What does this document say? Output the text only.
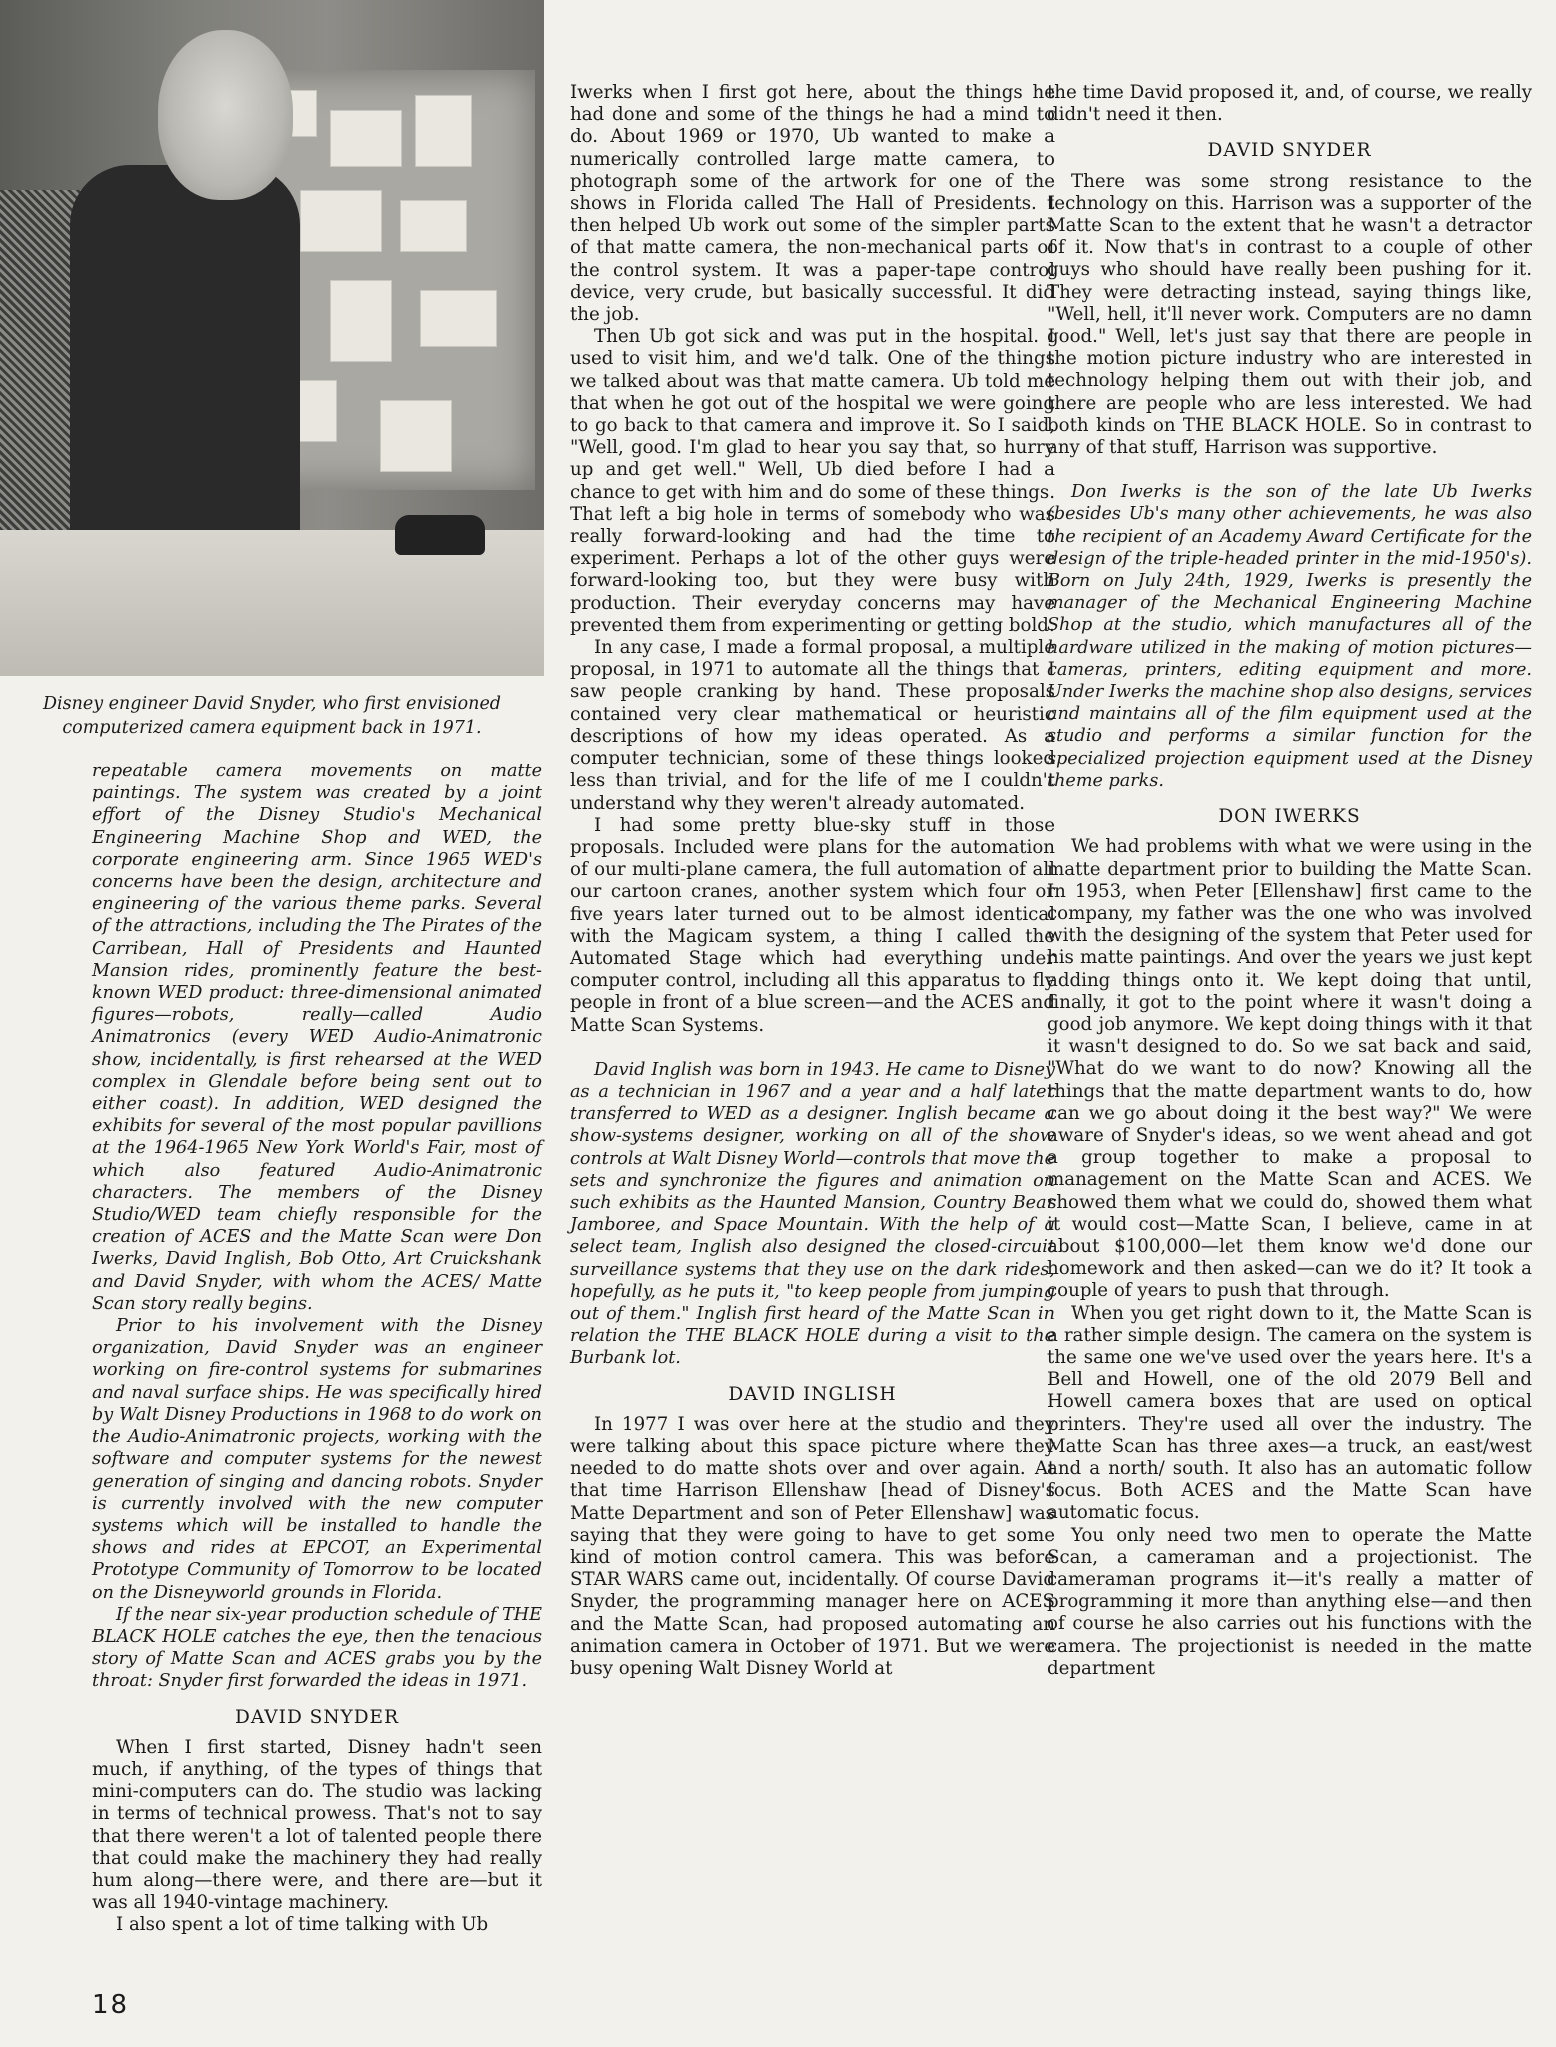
Disney engineer David Snyder, who first envisioned computerized camera equipment back in 1971.

repeatable camera movements on matte paintings. The system was created by a joint effort of the Disney Studio's Mechanical Engineering Machine Shop and WED, the corporate engineering arm. Since 1965 WED's concerns have been the design, architecture and engineering of the various theme parks. Several of the attractions, including the The Pirates of the Carribean, Hall of Presidents and Haunted Mansion rides, prominently feature the best-known WED product: three-dimensional animated figures—robots, really—called Audio Animatronics (every WED Audio-Animatronic show, incidentally, is first rehearsed at the WED complex in Glendale before being sent out to either coast). In addition, WED designed the exhibits for several of the most popular pavillions at the 1964-1965 New York World's Fair, most of which also featured Audio-Animatronic characters. The members of the Disney Studio/WED team chiefly responsible for the creation of ACES and the Matte Scan were Don Iwerks, David Inglish, Bob Otto, Art Cruickshank and David Snyder, with whom the ACES/ Matte Scan story really begins.

Prior to his involvement with the Disney organization, David Snyder was an engineer working on fire-control systems for submarines and naval surface ships. He was specifically hired by Walt Disney Productions in 1968 to do work on the Audio-Animatronic projects, working with the software and computer systems for the newest generation of singing and dancing robots. Snyder is currently involved with the new computer systems which will be installed to handle the shows and rides at EPCOT, an Experimental Prototype Community of Tomorrow to be located on the Disneyworld grounds in Florida.

If the near six-year production schedule of THE BLACK HOLE catches the eye, then the tenacious story of Matte Scan and ACES grabs you by the throat: Snyder first forwarded the ideas in 1971.

DAVID SNYDER

When I first started, Disney hadn't seen much, if anything, of the types of things that mini-computers can do. The studio was lacking in terms of technical prowess. That's not to say that there weren't a lot of talented people there that could make the machinery they had really hum along—there were, and there are—but it was all 1940-vintage machinery.

I also spent a lot of time talking with Ub

Iwerks when I first got here, about the things he had done and some of the things he had a mind to do. About 1969 or 1970, Ub wanted to make a numerically controlled large matte camera, to photograph some of the artwork for one of the shows in Florida called The Hall of Presidents. I then helped Ub work out some of the simpler parts of that matte camera, the non-mechanical parts of the control system. It was a paper-tape control device, very crude, but basically successful. It did the job.

Then Ub got sick and was put in the hospital. I used to visit him, and we'd talk. One of the things we talked about was that matte camera. Ub told me that when he got out of the hospital we were going to go back to that camera and improve it. So I said, "Well, good. I'm glad to hear you say that, so hurry up and get well." Well, Ub died before I had a chance to get with him and do some of these things. That left a big hole in terms of somebody who was really forward-looking and had the time to experiment. Perhaps a lot of the other guys were forward-looking too, but they were busy with production. Their everyday concerns may have prevented them from experimenting or getting bold.

In any case, I made a formal proposal, a multiple proposal, in 1971 to automate all the things that I saw people cranking by hand. These proposals contained very clear mathematical or heuristic descriptions of how my ideas operated. As a computer technician, some of these things looked less than trivial, and for the life of me I couldn't understand why they weren't already automated.

I had some pretty blue-sky stuff in those proposals. Included were plans for the automation of our multi-plane camera, the full automation of all our cartoon cranes, another system which four or five years later turned out to be almost identical with the Magicam system, a thing I called the Automated Stage which had everything under computer control, including all this apparatus to fly people in front of a blue screen—and the ACES and Matte Scan Systems.

David Inglish was born in 1943. He came to Disney as a technician in 1967 and a year and a half later transferred to WED as a designer. Inglish became a show-systems designer, working on all of the show controls at Walt Disney World—controls that move the sets and synchronize the figures and animation on such exhibits as the Haunted Mansion, Country Bear Jamboree, and Space Mountain. With the help of a select team, Inglish also designed the closed-circuit surveillance systems that they use on the dark rides, hopefully, as he puts it, "to keep people from jumping out of them." Inglish first heard of the Matte Scan in relation the THE BLACK HOLE during a visit to the Burbank lot.

DAVID INGLISH

In 1977 I was over here at the studio and they were talking about this space picture where they needed to do matte shots over and over again. At that time Harrison Ellenshaw [head of Disney's Matte Department and son of Peter Ellenshaw] was saying that they were going to have to get some kind of motion control camera. This was before STAR WARS came out, incidentally. Of course David Snyder, the programming manager here on ACES and the Matte Scan, had proposed automating an animation camera in October of 1971. But we were busy opening Walt Disney World at

the time David proposed it, and, of course, we really didn't need it then.

DAVID SNYDER

There was some strong resistance to the technology on this. Harrison was a supporter of the Matte Scan to the extent that he wasn't a detractor of it. Now that's in contrast to a couple of other guys who should have really been pushing for it. They were detracting instead, saying things like, "Well, hell, it'll never work. Computers are no damn good." Well, let's just say that there are people in the motion picture industry who are interested in technology helping them out with their job, and there are people who are less interested. We had both kinds on THE BLACK HOLE. So in contrast to any of that stuff, Harrison was supportive.

Don Iwerks is the son of the late Ub Iwerks (besides Ub's many other achievements, he was also the recipient of an Academy Award Certificate for the design of the triple-headed printer in the mid-1950's). Born on July 24th, 1929, Iwerks is presently the manager of the Mechanical Engineering Machine Shop at the studio, which manufactures all of the hardware utilized in the making of motion pictures—cameras, printers, editing equipment and more. Under Iwerks the machine shop also designs, services and maintains all of the film equipment used at the studio and performs a similar function for the specialized projection equipment used at the Disney theme parks.

DON IWERKS

We had problems with what we were using in the matte department prior to building the Matte Scan. In 1953, when Peter [Ellenshaw] first came to the company, my father was the one who was involved with the designing of the system that Peter used for his matte paintings. And over the years we just kept adding things onto it. We kept doing that until, finally, it got to the point where it wasn't doing a good job anymore. We kept doing things with it that it wasn't designed to do. So we sat back and said, "What do we want to do now? Knowing all the things that the matte department wants to do, how can we go about doing it the best way?" We were aware of Snyder's ideas, so we went ahead and got a group together to make a proposal to management on the Matte Scan and ACES. We showed them what we could do, showed them what it would cost—Matte Scan, I believe, came in at about $100,000—let them know we'd done our homework and then asked—can we do it? It took a couple of years to push that through.

When you get right down to it, the Matte Scan is a rather simple design. The camera on the system is the same one we've used over the years here. It's a Bell and Howell, one of the old 2079 Bell and Howell camera boxes that are used on optical printers. They're used all over the industry. The Matte Scan has three axes—a truck, an east/west and a north/ south. It also has an automatic follow focus. Both ACES and the Matte Scan have automatic focus.

You only need two men to operate the Matte Scan, a cameraman and a projectionist. The cameraman programs it—it's really a matter of programming it more than anything else—and then of course he also carries out his functions with the camera. The projectionist is needed in the matte department

18
